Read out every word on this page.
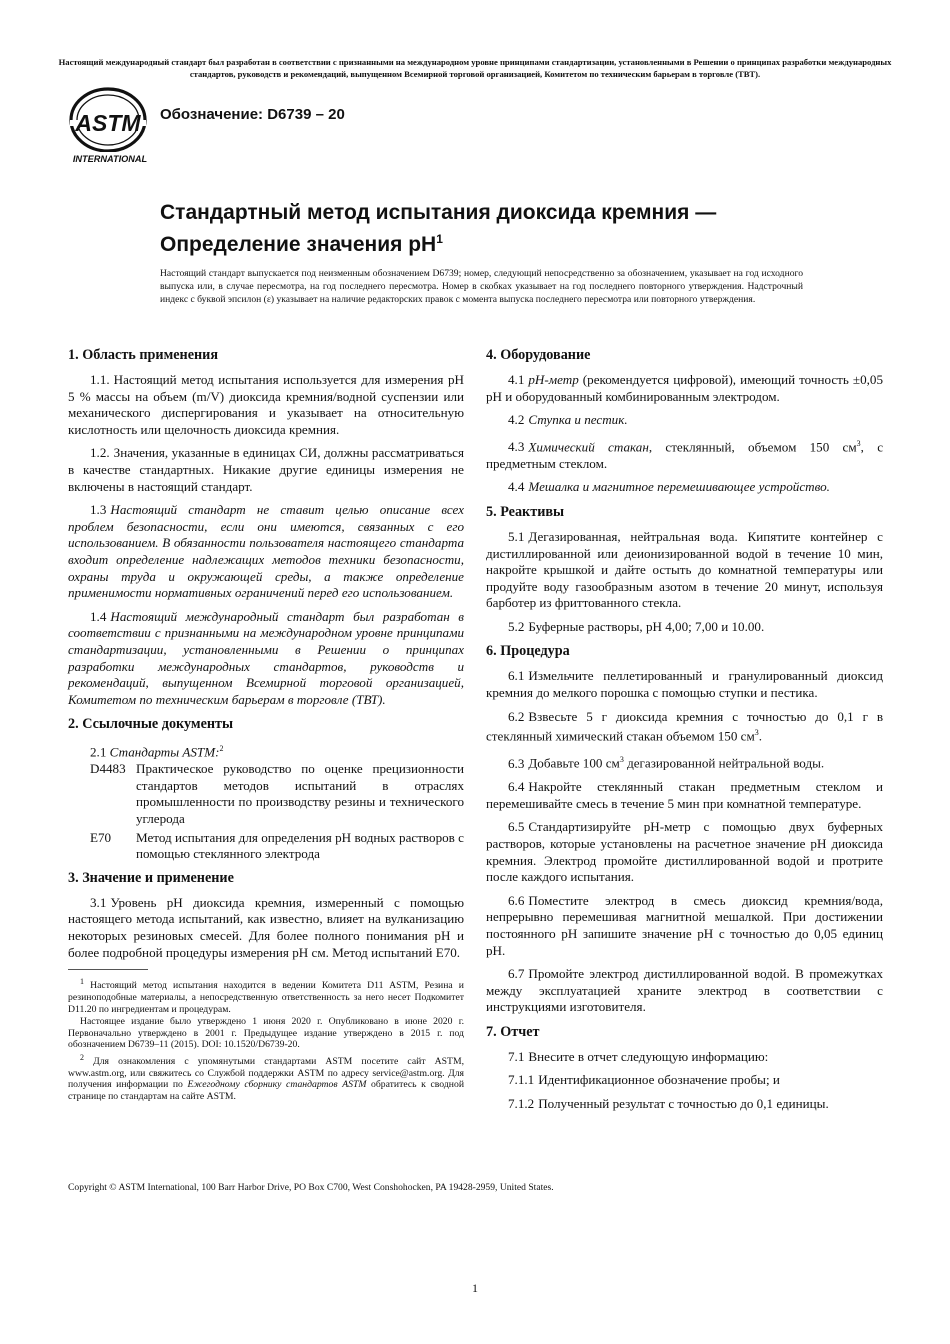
Настоящий международный стандарт был разработан в соответствии с признанными на международном уровне принципами стандартизации, установленными в Решении о принципах разработки международных стандартов, руководств и рекомендаций, выпущенном Всемирной торговой организацией, Комитетом по техническим барьерам в торговле (ТВТ).
ASTM
INTERNATIONAL
Обозначение: D6739 – 20
Стандартный метод испытания диоксида кремния — Определение значения $pH^1$

Настоящий стандарт выпускается под неизменным обозначением D6739; номер, следующий непосредственно за обозначением, указывает на год исходного выпуска или, в случае пересмотра, на год последнего пересмотра. Номер в скобках указывает на год последнего повторного утверждения. Надстрочный индекс с буквой эпсилон (ε) указывает на наличие редакторских правок с момента выпуска последнего пересмотра или повторного утверждения.

1. Область применения

1.1. Настоящий метод испытания используется для измерения pH 5 % массы на объем (m/V) диоксида кремния/водной суспензии или механического диспергирования и указывает на относительную кислотность или щелочность диоксида кремния.

1.2. Значения, указанные в единицах СИ, должны рассматриваться в качестве стандартных. Никакие другие единицы измерения не включены в настоящий стандарт.

1.3 Настоящий стандарт не ставит целью описание всех проблем безопасности, если они имеются, связанных с его использованием. В обязанности пользователя настоящего стандарта входит определение надлежащих методов техники безопасности, охраны труда и окружающей среды, а также определение применимости нормативных ограничений перед его использованием.

1.4 Настоящий международный стандарт был разработан в соответствии с признанными на международном уровне принципами стандартизации, установленными в Решении о принципах разработки международных стандартов, руководств и рекомендаций, выпущенном Всемирной торговой организацией, Комитетом по техническим барьерам в торговле (ТВТ).

2. Ссылочные документы

2.1 Стандарты ASTM:$^2$

D4483 Практическое руководство по оценке прецизионности стандартов методов испытаний в отраслях промышленности по производству резины и технического углерода
E70	Метод испытания для определения pH водных растворов с помощью стеклянного электрода
3. Значение и применение

3.1 Уровень pH диоксида кремния, измеренный с помощью настоящего метода испытаний, как известно, влияет на вулканизацию некоторых резиновых смесей. Для более полного понимания pH и более подробной процедуры измерения pH см. Метод испытаний E70.

$^1$ Настоящий метод испытания находится в ведении Комитета D11 ASTM, Резина и резиноподобные материалы, а непосредственную ответственность за него несет Подкомитет D11.20 по ингредиентам и процедурам.

Настоящее издание было утверждено 1 июня 2020 г. Опубликовано в июне 2020 г. Первоначально утверждено в 2001 г. Предыдущее издание утверждено в 2015 г. под обозначением D6739–11 (2015). DOI: 10.1520/D6739-20.

$^2$ Для ознакомления с упомянутыми стандартами ASTM посетите сайт ASTM, www.astm.org, или свяжитесь со Службой поддержки ASTM по адресу service@astm.org. Для получения информации по Ежегодному сборнику стандартов ASTM обратитесь к сводной странице по стандартам на сайте ASTM.

4. Оборудование

4.1 pH-метр (рекомендуется цифровой), имеющий точность ±0,05 pH и оборудованный комбинированным электродом.

4.2 Ступка и пестик.

4.3 Химический стакан, стеклянный, объемом 150 $см^3$, с предметным стеклом.

4.4 Мешалка и магнитное перемешивающее устройство.

5. Реактивы

5.1 Дегазированная, нейтральная вода. Кипятите контейнер с дистиллированной или деионизированной водой в течение 10 мин, накройте крышкой и дайте остыть до комнатной температуры или продуйте воду газообразным азотом в течение 20 минут, используя барботер из фриттованного стекла.

5.2 Буферные растворы, pH 4,00; 7,00 и 10.00.

6. Процедура

6.1 Измельчите пеллетированный и гранулированный диоксид кремния до мелкого порошка с помощью ступки и пестика.

6.2 Взвесьте 5 г диоксида кремния с точностью до 0,1 г в стеклянный химический стакан объемом 150 $см^3$.

6.3 Добавьте 100 $см^3$ дегазированной нейтральной воды.

6.4 Накройте стеклянный стакан предметным стеклом и перемешивайте смесь в течение 5 мин при комнатной температуре.

6.5 Стандартизируйте pH-метр с помощью двух буферных растворов, которые установлены на расчетное значение pH диоксида кремния. Электрод промойте дистиллированной водой и протрите после каждого испытания.

6.6 Поместите электрод в смесь диоксид кремния/вода, непрерывно перемешивая магнитной мешалкой. При достижении постоянного pH запишите значение pH с точностью до 0,05 единиц pH.

6.7 Промойте электрод дистиллированной водой. В промежутках между эксплуатацией храните электрод в соответствии с инструкциями изготовителя.

7. Отчет

7.1 Внесите в отчет следующую информацию:

7.1.1 Идентификационное обозначение пробы; и

7.1.2 Полученный результат с точностью до 0,1 единицы.

Copyright © ASTM International, 100 Barr Harbor Drive, PO Box C700, West Conshohocken, PA 19428-2959, United States.
1
